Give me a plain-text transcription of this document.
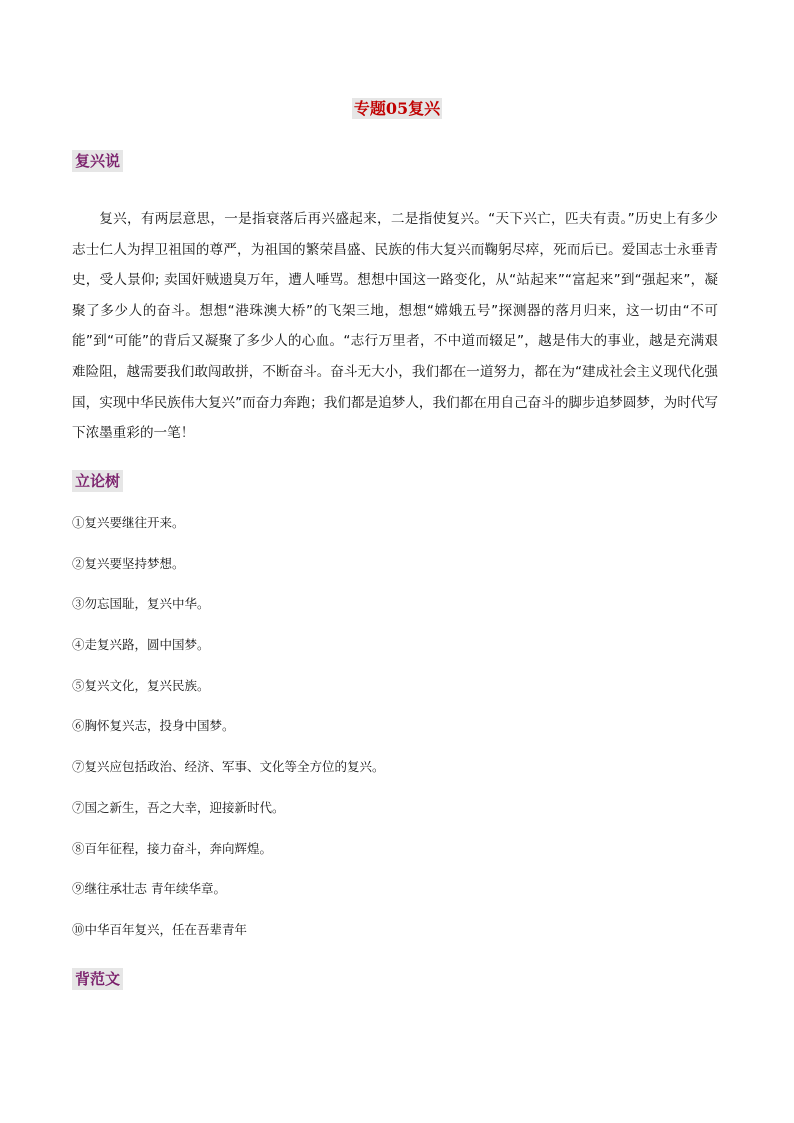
专题05复兴
复兴说

复兴，有两层意思，一是指衰落后再兴盛起来，二是指使复兴。“天下兴亡，匹夫有责。”历史上有多少志士仁人为捍卫祖国的尊严，为祖国的繁荣昌盛、民族的伟大复兴而鞠躬尽瘁，死而后已。爱国志士永垂青史，受人景仰; 卖国奸贼遗臭万年，遭人唾骂。想想中国这一路变化，从“站起来”“富起来”到“强起来”，凝聚了多少人的奋斗。想想“港珠澳大桥”的飞架三地，想想“嫦娥五号”探测器的落月归来，这一切由“不可能”到“可能”的背后又凝聚了多少人的心血。“志行万里者，不中道而辍足”，越是伟大的事业，越是充满艰难险阻，越需要我们敢闯敢拼，不断奋斗。奋斗无大小，我们都在一道努力，都在为“建成社会主义现代化强国，实现中华民族伟大复兴”而奋力奔跑；我们都是追梦人，我们都在用自己奋斗的脚步追梦圆梦，为时代写下浓墨重彩的一笔！

立论树
①复兴要继往开来。
②复兴要坚持梦想。
③勿忘国耻，复兴中华。
④走复兴路，圆中国梦。
⑤复兴文化，复兴民族。
⑥胸怀复兴志，投身中国梦。
⑦复兴应包括政治、经济、军事、文化等全方位的复兴。
⑦国之新生，吾之大幸，迎接新时代。
⑧百年征程，接力奋斗，奔向辉煌。
⑨继往承壮志 青年续华章。
⑩中华百年复兴，任在吾辈青年
背范文
